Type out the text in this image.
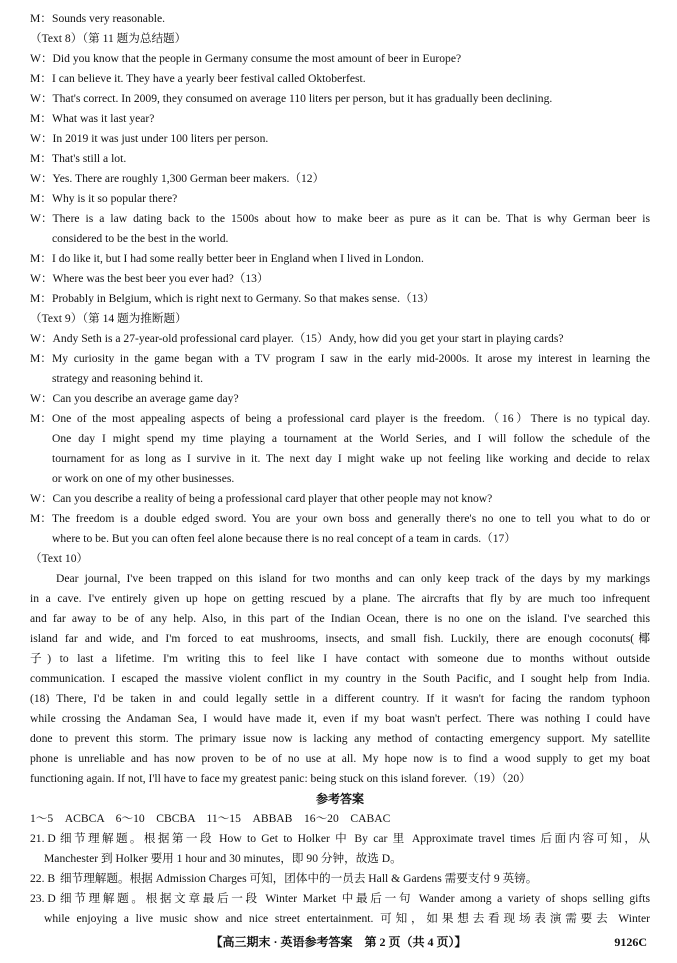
M： Sounds very reasonable.
（Text 8）（第 11 题为总结题）
W： Did you know that the people in Germany consume the most amount of beer in Europe?
M： I can believe it. They have a yearly beer festival called Oktoberfest.
W： That's correct. In 2009, they consumed on average 110 liters per person, but it has gradually been declining.
M： What was it last year?
W： In 2019 it was just under 100 liters per person.
M： That's still a lot.
W： Yes. There are roughly 1,300 German beer makers.（12）
M： Why is it so popular there?
W： There is a law dating back to the 1500s about how to make beer as pure as it can be. That is why German beer is
considered to be the best in the world.
M： I do like it, but I had some really better beer in England when I lived in London.
W： Where was the best beer you ever had?（13）
M： Probably in Belgium, which is right next to Germany. So that makes sense.（13）
（Text 9）（第 14 题为推断题）
W： Andy Seth is a 27-year-old professional card player.（15）Andy, how did you get your start in playing cards?
M： My curiosity in the game began with a TV program I saw in the early mid-2000s. It arose my interest in learning the
strategy and reasoning behind it.
W： Can you describe an average game day?
M： One of the most appealing aspects of being a professional card player is the freedom.（16）There is no typical day.
One day I might spend my time playing a tournament at the World Series, and I will follow the schedule of the
tournament for as long as I survive in it. The next day I might wake up not feeling like working and decide to relax
or work on one of my other businesses.
W： Can you describe a reality of being a professional card player that other people may not know?
M： The freedom is a double edged sword. You are your own boss and generally there's no one to tell you what to do or
where to be. But you can often feel alone because there is no real concept of a team in cards.（17）
（Text 10）
Dear journal, I've been trapped on this island for two months and can only keep track of the days by my markings
in a cave. I've entirely given up hope on getting rescued by a plane. The aircrafts that fly by are much too infrequent
and far away to be of any help. Also, in this part of the Indian Ocean, there is no one on the island. I've searched this
island far and wide, and I'm forced to eat mushrooms, insects, and small fish. Luckily, there are enough coconuts(椰
子) to last a lifetime. I'm writing this to feel like I have contact with someone due to months without outside
communication. I escaped the massive violent conflict in my country in the South Pacific, and I sought help from India.
(18) There, I'd be taken in and could legally settle in a different country. If it wasn't for facing the random typhoon
while crossing the Andaman Sea, I would have made it, even if my boat wasn't perfect. There was nothing I could have
done to prevent this storm. The primary issue now is lacking any method of contacting emergency support. My satellite
phone is unreliable and has now proven to be of no use at all. My hope now is to find a wood supply to get my boat
functioning again. If not, I'll have to face my greatest panic: being stuck on this island forever.（19）（20）
参考答案
1～5　ACBCA　6～10　CBCBA　11～15　ABBAB　16～20　CABAC
21. D 细节理解题。根据第一段 How to Get to Holker 中 By car 里 Approximate travel times 后面内容可知，从
Manchester 到 Holker 要用 1 hour and 30 minutes，即 90 分钟，故选 D。
22. B 细节理解题。根据 Admission Charges 可知，团体中的一员去 Hall & Gardens 需要支付 9 英镑。
23. D 细节理解题。根据文章最后一段 Winter Market 中最后一句 Wander among a variety of shops selling gifts
while enjoying a live music show and nice street entertainment. 可知，如果想去看现场表演需要去 Winter
【高三期末 · 英语参考答案　第 2 页（共 4 页）】	9126C
